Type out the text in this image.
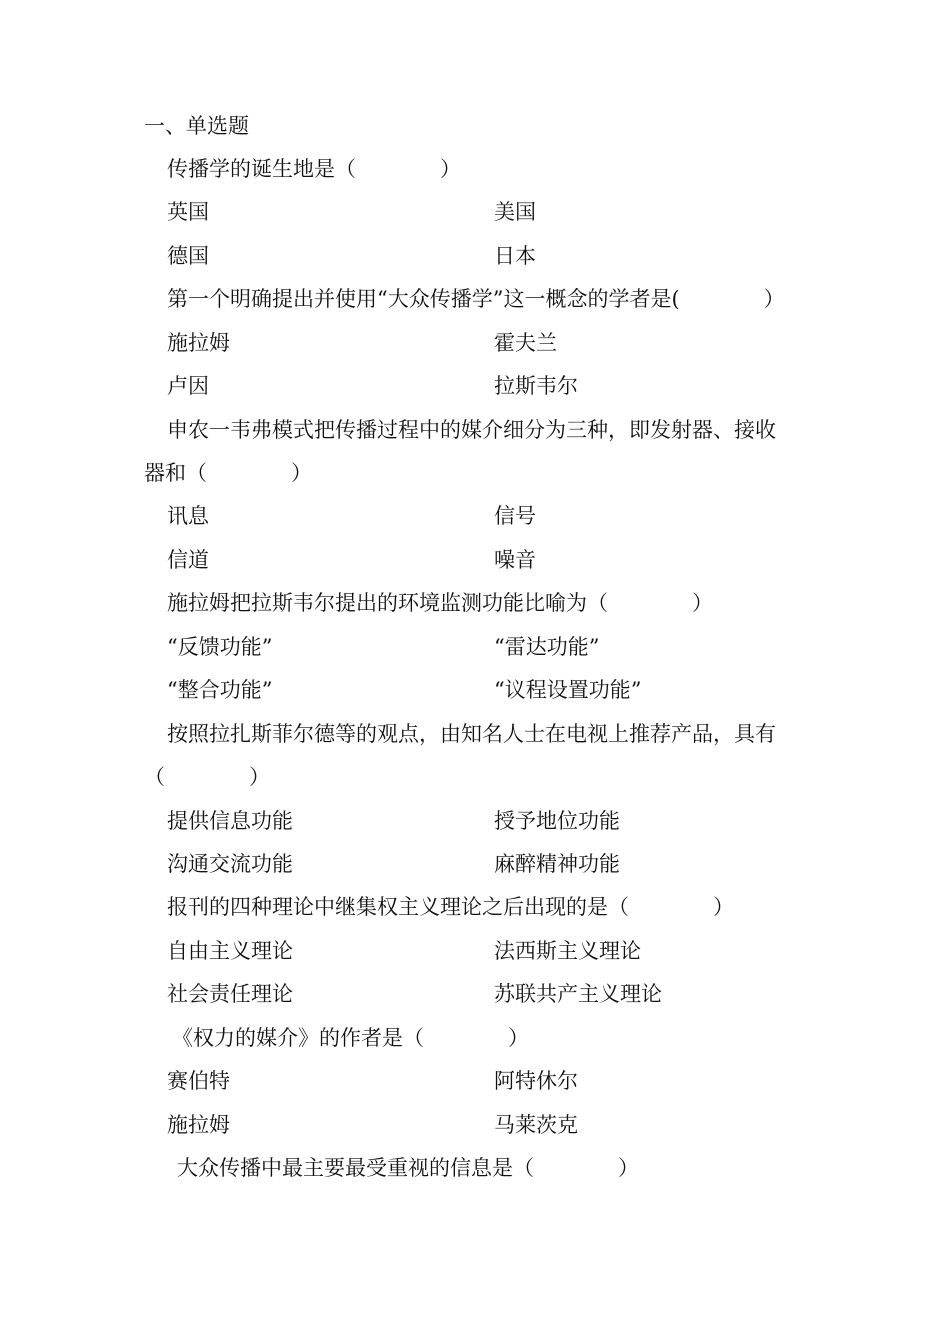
一、单选题
传播学的诞生地是（　　　　）
英国	美国
德国	日本
第一个明确提出并使用“大众传播学”这一概念的学者是(　　　　）
施拉姆	霍夫兰
卢因	拉斯韦尔
申农一韦弗模式把传播过程中的媒介细分为三种，即发射器、接收
器和（　　　　）
讯息	信号
信道	噪音
施拉姆把拉斯韦尔提出的环境监测功能比喻为（　　　　）
“反馈功能”	“雷达功能”
“整合功能”	“议程设置功能”
按照拉扎斯菲尔德等的观点，由知名人士在电视上推荐产品，具有
（　　　　）
提供信息功能	授予地位功能
沟通交流功能	麻醉精神功能
报刊的四种理论中继集权主义理论之后出现的是（　　　　）
自由主义理论	法西斯主义理论
社会责任理论	苏联共产主义理论
《权力的媒介》的作者是（　　　　）
赛伯特	阿特休尔
施拉姆	马莱茨克
大众传播中最主要最受重视的信息是（　　　　）
